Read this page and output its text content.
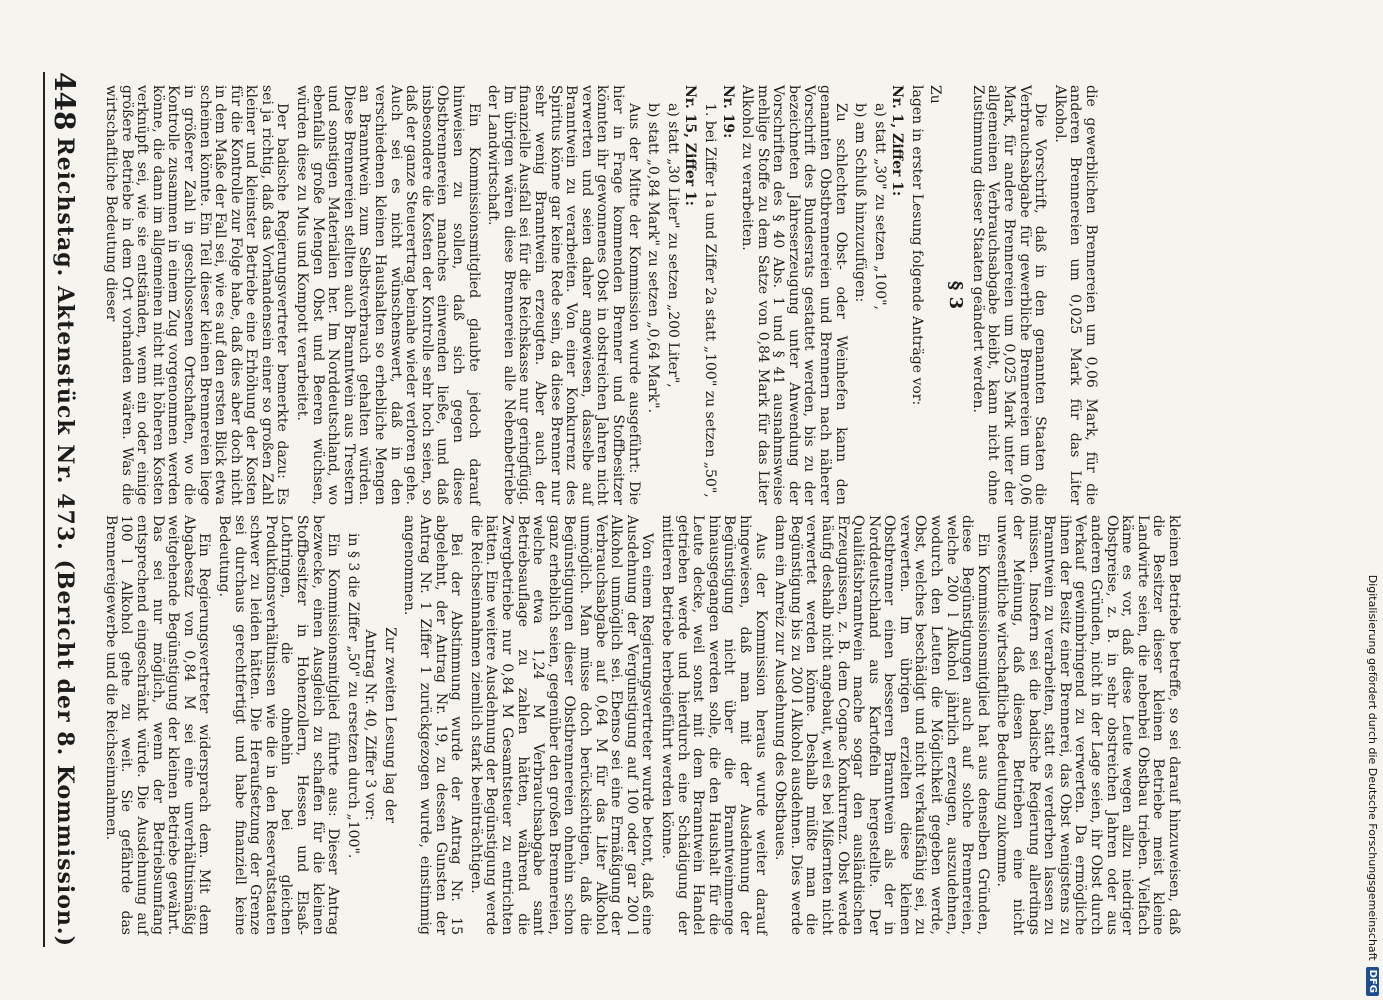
448
Reichstag. Aktenstück Nr. 473. (Bericht der 8. Kommission.)	die gewerblichen Brennereien um 0,06 Mark, für die anderen Brennereien um 0,025 Mark für das Liter Alkohol.

Die Vorschrift, daß in den genannten Staaten die Verbrauchsabgabe für gewerbliche Brennereien um 0,06 Mark, für andere Brennereien um 0,025 Mark unter der allgemeinen Verbrauchsabgabe bleibt, kann nicht ohne Zustimmung dieser Staaten geändert werden.

§ 3
Zu

lagen in erster Lesung folgende Anträge vor:

Nr. 1, Ziffer 1:

a) statt „30" zu setzen „100",

b) am Schluß hinzuzufügen:

Zu schlechten Obst- oder Weinhefen kann den genannten Obstbrennereien und Brennern nach näherer Vorschrift des Bundesrats gestattet werden, bis zu der bezeichneten Jahreserzeugung unter Anwendung der Vorschriften des § 40 Abs. 1 und § 41 ausnahmsweise mehlige Stoffe zu dem Satze von 0,84 Mark für das Liter Alkohol zu verarbeiten.

Nr. 19:

1. bei Ziffer 1a und Ziffer 2a statt „100" zu setzen „50",

Nr. 15, Ziffer 1:

a) statt „30 Liter" zu setzen „200 Liter",

b) statt „0,84 Mark" zu setzen „0,64 Mark".

Aus der Mitte der Kommission wurde ausgeführt: Die hier in Frage kommenden Brenner und Stoffbesitzer könnten ihr gewonnenes Obst in obstreichen Jahren nicht verwerten und seien daher angewiesen, dasselbe auf Branntwein zu verarbeiten. Von einer Konkurrenz des Spiritus könne gar keine Rede sein, da diese Brenner nur sehr wenig Branntwein erzeugten. Aber auch der finanzielle Ausfall sei für die Reichskasse nur geringfügig. Im übrigen wären diese Brennereien alle Nebenbetriebe der Landwirtschaft.

Ein Kommissionsmitglied glaubte jedoch darauf hinweisen zu sollen, daß sich gegen diese Obstbrennereien manches einwenden ließe, und daß insbesondere die Kosten der Kontrolle sehr hoch seien, so daß der ganze Steuerertrag beinahe wieder verloren gehe. Auch sei es nicht wünschenswert, daß in den verschiedenen kleinen Haushalten so erhebliche Mengen an Branntwein zum Selbstverbrauch gehalten würden. Diese Brennereien stellten auch Branntwein aus Trestern und sonstigen Materialien her. Im Norddeutschland, wo ebenfalls große Mengen Obst und Beeren wüchsen, würden diese zu Mus und Kompott verarbeitet.

Der badische Regierungsvertreter bemerkte dazu: Es sei ja richtig, daß das Vorhandensein einer so großen Zahl kleiner und kleinster Betriebe eine Erhöhung der Kosten für die Kontrolle zur Folge habe, daß dies aber doch nicht in dem Maße der Fall sei, wie es auf den ersten Blick etwa scheinen könnte. Ein Teil dieser kleinen Brennereien liege in größerer Zahl in geschlossenen Ortschaften, wo die Kontrolle zusammen in einem Zug vorgenommen werden könne, die dann im allgemeinen nicht mit höheren Kosten verknüpft sei, wie sie entständen, wenn ein oder einige größere Betriebe in dem Ort vorhanden wären. Was die wirtschaftliche Bedeutung dieser

kleinen Betriebe betreffe, so sei darauf hinzuweisen, daß die Besitzer dieser kleinen Betriebe meist kleine Landwirte seien, die nebenbei Obstbau trieben. Vielfach käme es vor, daß diese Leute wegen allzu niedriger Obstpreise, z. B. in sehr obstreichen Jahren oder aus anderen Gründen, nicht in der Lage seien, ihr Obst durch Verkauf gewinnbringend zu verwerten. Da ermögliche ihnen der Besitz einer Brennerei, das Obst wenigstens zu Branntwein zu verarbeiten, statt es verderben lassen zu müssen. Insofern sei die badische Regierung allerdings der Meinung, daß diesen Betrieben eine nicht unwesentliche wirtschaftliche Bedeutung zukomme.

Ein Kommissionsmitglied hat aus denselben Gründen, diese Begünstigungen auch auf solche Brennereien, welche 200 l Alkohol jährlich erzeugen, auszudehnen, wodurch den Leuten die Möglichkeit gegeben werde, Obst, welches beschädigt und nicht verkaufsfähig sei, zu verwerten. Im übrigen erzielten diese kleinen Obstbrenner einen besseren Branntwein als der in Norddeutschland aus Kartoffeln hergestellte. Der Qualitätsbranntwein mache sogar den ausländischen Erzeugnissen, z. B. dem Cognac Konkurrenz. Obst werde häufig deshalb nicht angebaut, weil es bei Mißernten nicht verwertet werden könne. Deshalb müßte man die Begünstigung bis zu 200 l Alkohol ausdehnen. Dies werde dann ein Anreiz zur Ausdehnung des Obstbaues.

Aus der Kommission heraus wurde weiter darauf hingewiesen, daß man mit der Ausdehnung der Begünstigung nicht über die Branntweinmenge hinausgegangen werden solle, die den Haushalt für die Leute decke, weil sonst mit dem Branntwein Handel getrieben werde und hierdurch eine Schädigung der mittleren Betriebe herbeigeführt werden könne.

Von einem Regierungsvertreter wurde betont, daß eine Ausdehnung der Vergünstigung auf 100 oder gar 200 l Alkohol unmöglich sei. Ebenso sei eine Ermäßigung der Verbrauchsabgabe auf 0,64 M für das Liter Alkohol unmöglich. Man müsse doch berücksichtigen, daß die Begünstigungen dieser Obstbrennereien ohnehin schon ganz erheblich seien, gegenüber den großen Brennereien, welche etwa 1,24 M Verbrauchsabgabe samt Betriebsauflage zu zahlen hätten, während die Zwergbetriebe nur 0,84 M Gesamtsteuer zu entrichten hätten. Eine weitere Ausdehnung der Begünstigung werde die Reichseinnahmen ziemlich stark beeinträchtigen.

Bei der Abstimmung wurde der Antrag Nr. 15 abgelehnt, der Antrag Nr. 19, zu dessen Gunsten der Antrag Nr. 1 Ziffer 1 zurückgezogen wurde, einstimmig angenommen.

Zur zweiten Lesung lag der
Antrag Nr. 40, Ziffer 3 vor:

in § 3 die Ziffer „50" zu ersetzen durch „100".

Ein Kommissionsmitglied führte aus: Dieser Antrag bezwecke, einen Ausgleich zu schaffen für die kleinen Stoffbesitzer in Hohenzollern, Hessen und Elsaß-Lothringen, die ohnehin bei gleichen Produktionsverhältnissen wie die in den Reservatstaaten schwer zu leiden hätten. Die Heraufsetzung der Grenze sei durchaus gerechtfertigt und habe finanziell keine Bedeutung.

Ein Regierungsvertreter widersprach dem. Mit dem Abgabesatz von 0,84 M sei eine unverhältnismäßig weitgehende Begünstigung der kleinen Betriebe gewährt. Das sei nur möglich, wenn der Betriebsumfang entsprechend eingeschränkt würde. Die Ausdehnung auf 100 l Alkohol gehe zu weit. Sie gefährde das Brennereigewerbe und die Reichseinnahmen.	Digitalisierung gefördert durch die Deutsche Forschungsgemeinschaft
DFG
